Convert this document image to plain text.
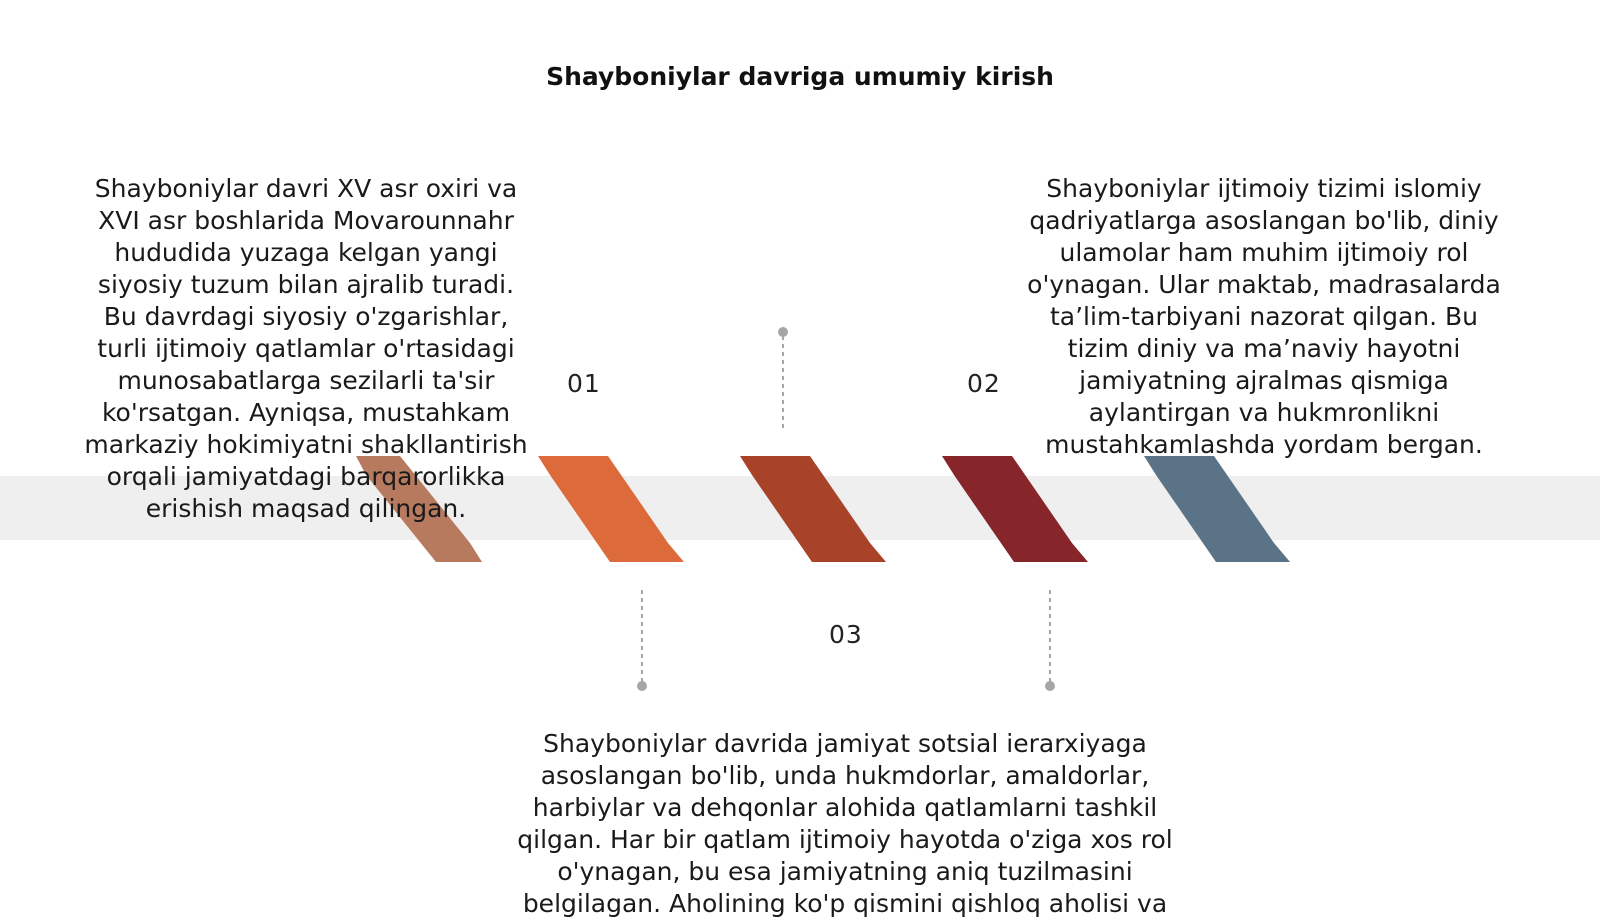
Shayboniylar davriga umumiy kirish
01	02
03
Shayboniylar davri XV asr oxiri va XVI asr boshlarida Movarounnahr hududida yuzaga kelgan yangi siyosiy tuzum bilan ajralib turadi. Bu davrdagi siyosiy o'zgarishlar, turli ijtimoiy qatlamlar o'rtasidagi munosabatlarga sezilarli ta'sir ko'rsatgan. Ayniqsa, mustahkam markaziy hokimiyatni shakllantirish orqali jamiyatdagi barqarorlikka erishish maqsad qilingan.
Shayboniylar ijtimoiy tizimi islomiy qadriyatlarga asoslangan bo'lib, diniy ulamolar ham muhim ijtimoiy rol o'ynagan. Ular maktab, madrasalarda ta’lim-tarbiyani nazorat qilgan. Bu tizim diniy va ma’naviy hayotni jamiyatning ajralmas qismiga aylantirgan va hukmronlikni mustahkamlashda yordam bergan.
Shayboniylar davrida jamiyat sotsial ierarxiyaga asoslangan bo'lib, unda hukmdorlar, amaldorlar, harbiylar va dehqonlar alohida qatlamlarni tashkil qilgan. Har bir qatlam ijtimoiy hayotda o'ziga xos rol o'ynagan, bu esa jamiyatning aniq tuzilmasini belgilagan. Aholining ko'p qismini qishloq aholisi va
